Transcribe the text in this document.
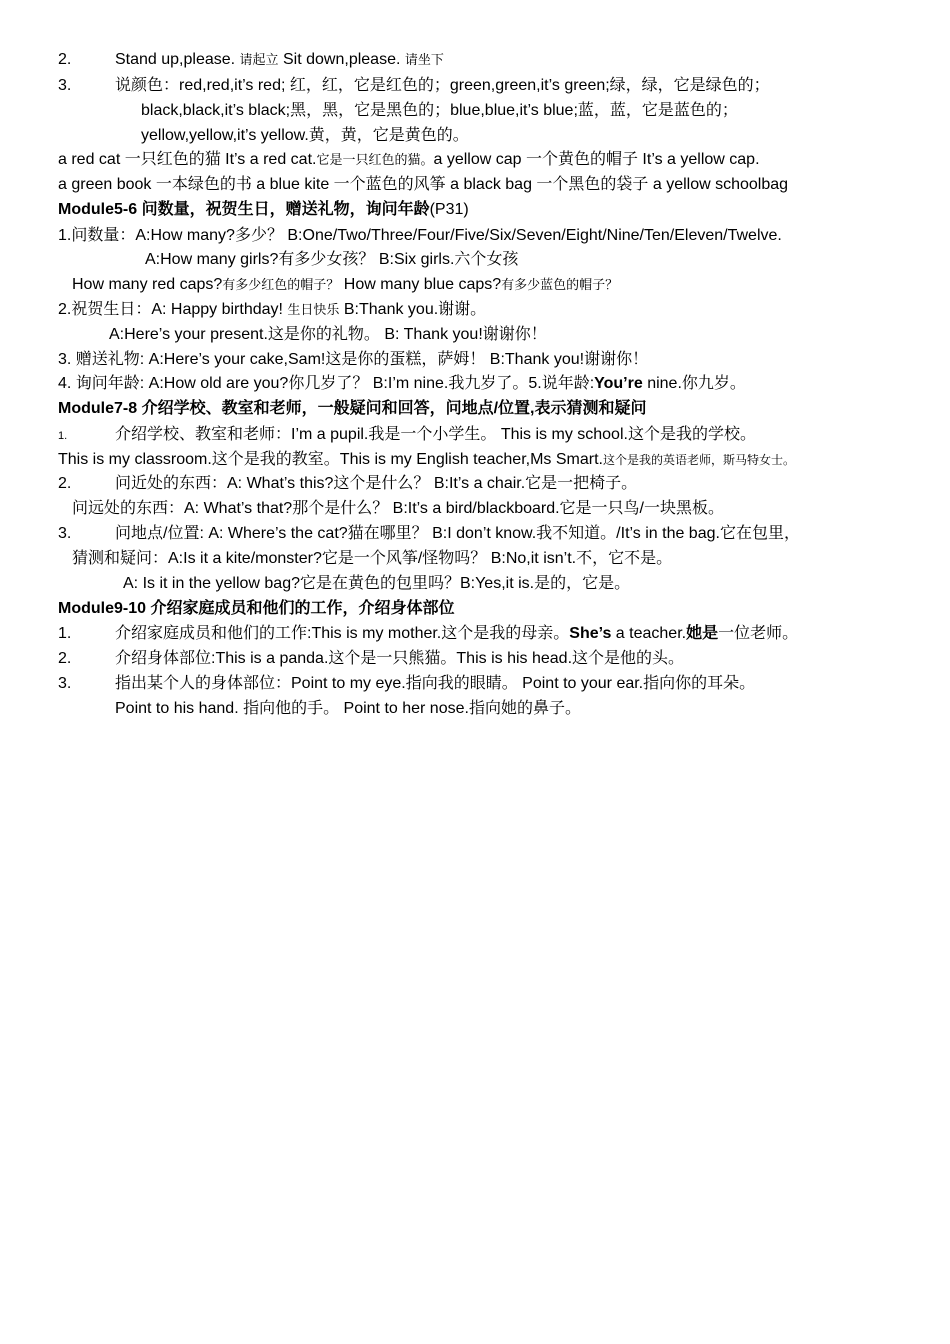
2.	Stand up,please. 请起立 Sit down,please. 请坐下
3.	说颜色：red,red,it’s red; 红，红，它是红色的；green,green,it’s green;绿，绿，它是绿色的；
black,black,it’s black;黑，黑，它是黑色的；blue,blue,it’s blue;蓝，蓝，它是蓝色的；
yellow,yellow,it’s yellow.黄，黄，它是黄色的。
a red cat 一只红色的猫 It’s a red cat.它是一只红色的猫。a yellow cap 一个黄色的帽子 It’s a yellow cap.
a green book 一本绿色的书 a blue kite 一个蓝色的风筝 a black bag 一个黑色的袋子 a yellow schoolbag
Module5-6 问数量，祝贺生日，赠送礼物，询问年龄(P31)
1.问数量：A:How many?多少？ B:One/Two/Three/Four/Five/Six/Seven/Eight/Nine/Ten/Eleven/Twelve.
A:How many girls?有多少女孩？ B:Six girls.六个女孩
How many red caps?有多少红色的帽子？ How many blue caps?有多少蓝色的帽子？
2.祝贺生日：A: Happy birthday! 生日快乐 B:Thank you.谢谢。
A:Here’s your present.这是你的礼物。 B: Thank you!谢谢你！
3. 赠送礼物: A:Here’s your cake,Sam!这是你的蛋糕，萨姆！ B:Thank you!谢谢你！
4. 询问年龄: A:How old are you?你几岁了？ B:I’m nine.我九岁了。5.说年龄:You’re nine.你九岁。
Module7-8 介绍学校、教室和老师，一般疑问和回答，问地点/位置,表示猜测和疑问
1.	介绍学校、教室和老师：I’m a pupil.我是一个小学生。 This is my school.这个是我的学校。
This is my classroom.这个是我的教室。This is my English teacher,Ms Smart.这个是我的英语老师，斯马特女士。
2.	问近处的东西：A: What’s this?这个是什么？ B:It’s a chair.它是一把椅子。
问远处的东西：A: What’s that?那个是什么？ B:It’s a bird/blackboard.它是一只鸟/一块黑板。
3.	问地点/位置: A: Where’s the cat?猫在哪里？ B:I don’t know.我不知道。/It’s in the bag.它在包里，
猜测和疑问：A:Is it a kite/monster?它是一个风筝/怪物吗？ B:No,it isn’t.不，它不是。
A: Is it in the yellow bag?它是在黄色的包里吗？B:Yes,it is.是的，它是。
Module9-10 介绍家庭成员和他们的工作，介绍身体部位
1.	介绍家庭成员和他们的工作:This is my mother.这个是我的母亲。She’s a teacher.她是一位老师。
2.	介绍身体部位:This is a panda.这个是一只熊猫。This is his head.这个是他的头。
3.	指出某个人的身体部位：Point to my eye.指向我的眼睛。 Point to your ear.指向你的耳朵。
Point to his hand. 指向他的手。 Point to her nose.指向她的鼻子。
